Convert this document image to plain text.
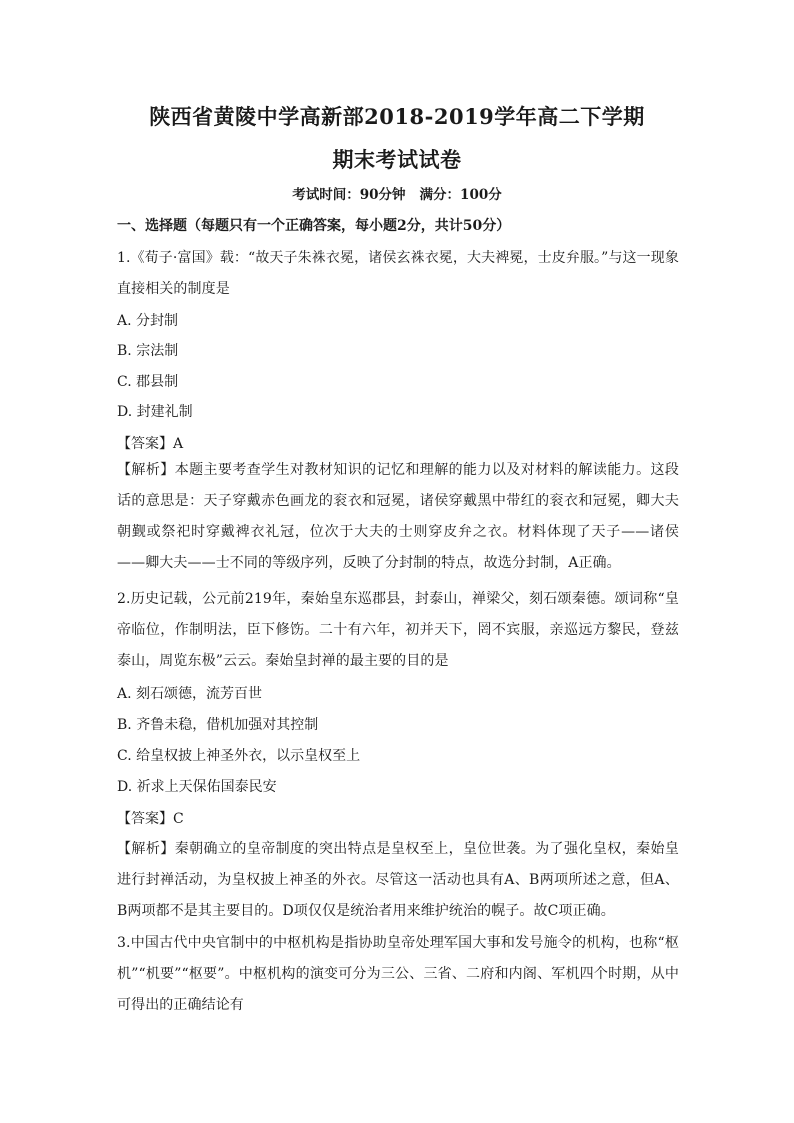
陕西省黄陵中学高新部2018-2019学年高二下学期
期末考试试卷
考试时间：90分钟 满分：100分
一、选择题（每题只有一个正确答案，每小题2分，共计50分）
1.《荀子·富国》载：“故天子朱袾衣冕，诸侯玄袾衣冕，大夫裨冕，士皮弁服。”与这一现象直接相关的制度是
A. 分封制
B. 宗法制
C. 郡县制
D. 封建礼制
【答案】A
【解析】本题主要考查学生对教材知识的记忆和理解的能力以及对材料的解读能力。这段话的意思是：天子穿戴赤色画龙的衮衣和冠冕，诸侯穿戴黑中带红的衮衣和冠冕，卿大夫朝觐或祭祀时穿戴裨衣礼冠，位次于大夫的士则穿皮弁之衣。材料体现了天子——诸侯——卿大夫——士不同的等级序列，反映了分封制的特点，故选分封制，A正确。
2.历史记载，公元前219年，秦始皇东巡郡县，封泰山，禅梁父，刻石颂秦德。颂词称“皇帝临位，作制明法，臣下修饬。二十有六年，初并天下，罔不宾服，亲巡远方黎民，登兹泰山，周览东极”云云。秦始皇封禅的最主要的目的是
A. 刻石颂德，流芳百世
B. 齐鲁未稳，借机加强对其控制
C. 给皇权披上神圣外衣，以示皇权至上
D. 祈求上天保佑国泰民安
【答案】C
【解析】秦朝确立的皇帝制度的突出特点是皇权至上，皇位世袭。为了强化皇权，秦始皇进行封禅活动，为皇权披上神圣的外衣。尽管这一活动也具有A、B两项所述之意，但A、B两项都不是其主要目的。D项仅仅是统治者用来维护统治的幌子。故C项正确。
3.中国古代中央官制中的中枢机构是指协助皇帝处理军国大事和发号施令的机构，也称“枢机”“机要”“枢要”。中枢机构的演变可分为三公、三省、二府和内阁、军机四个时期，从中可得出的正确结论有
